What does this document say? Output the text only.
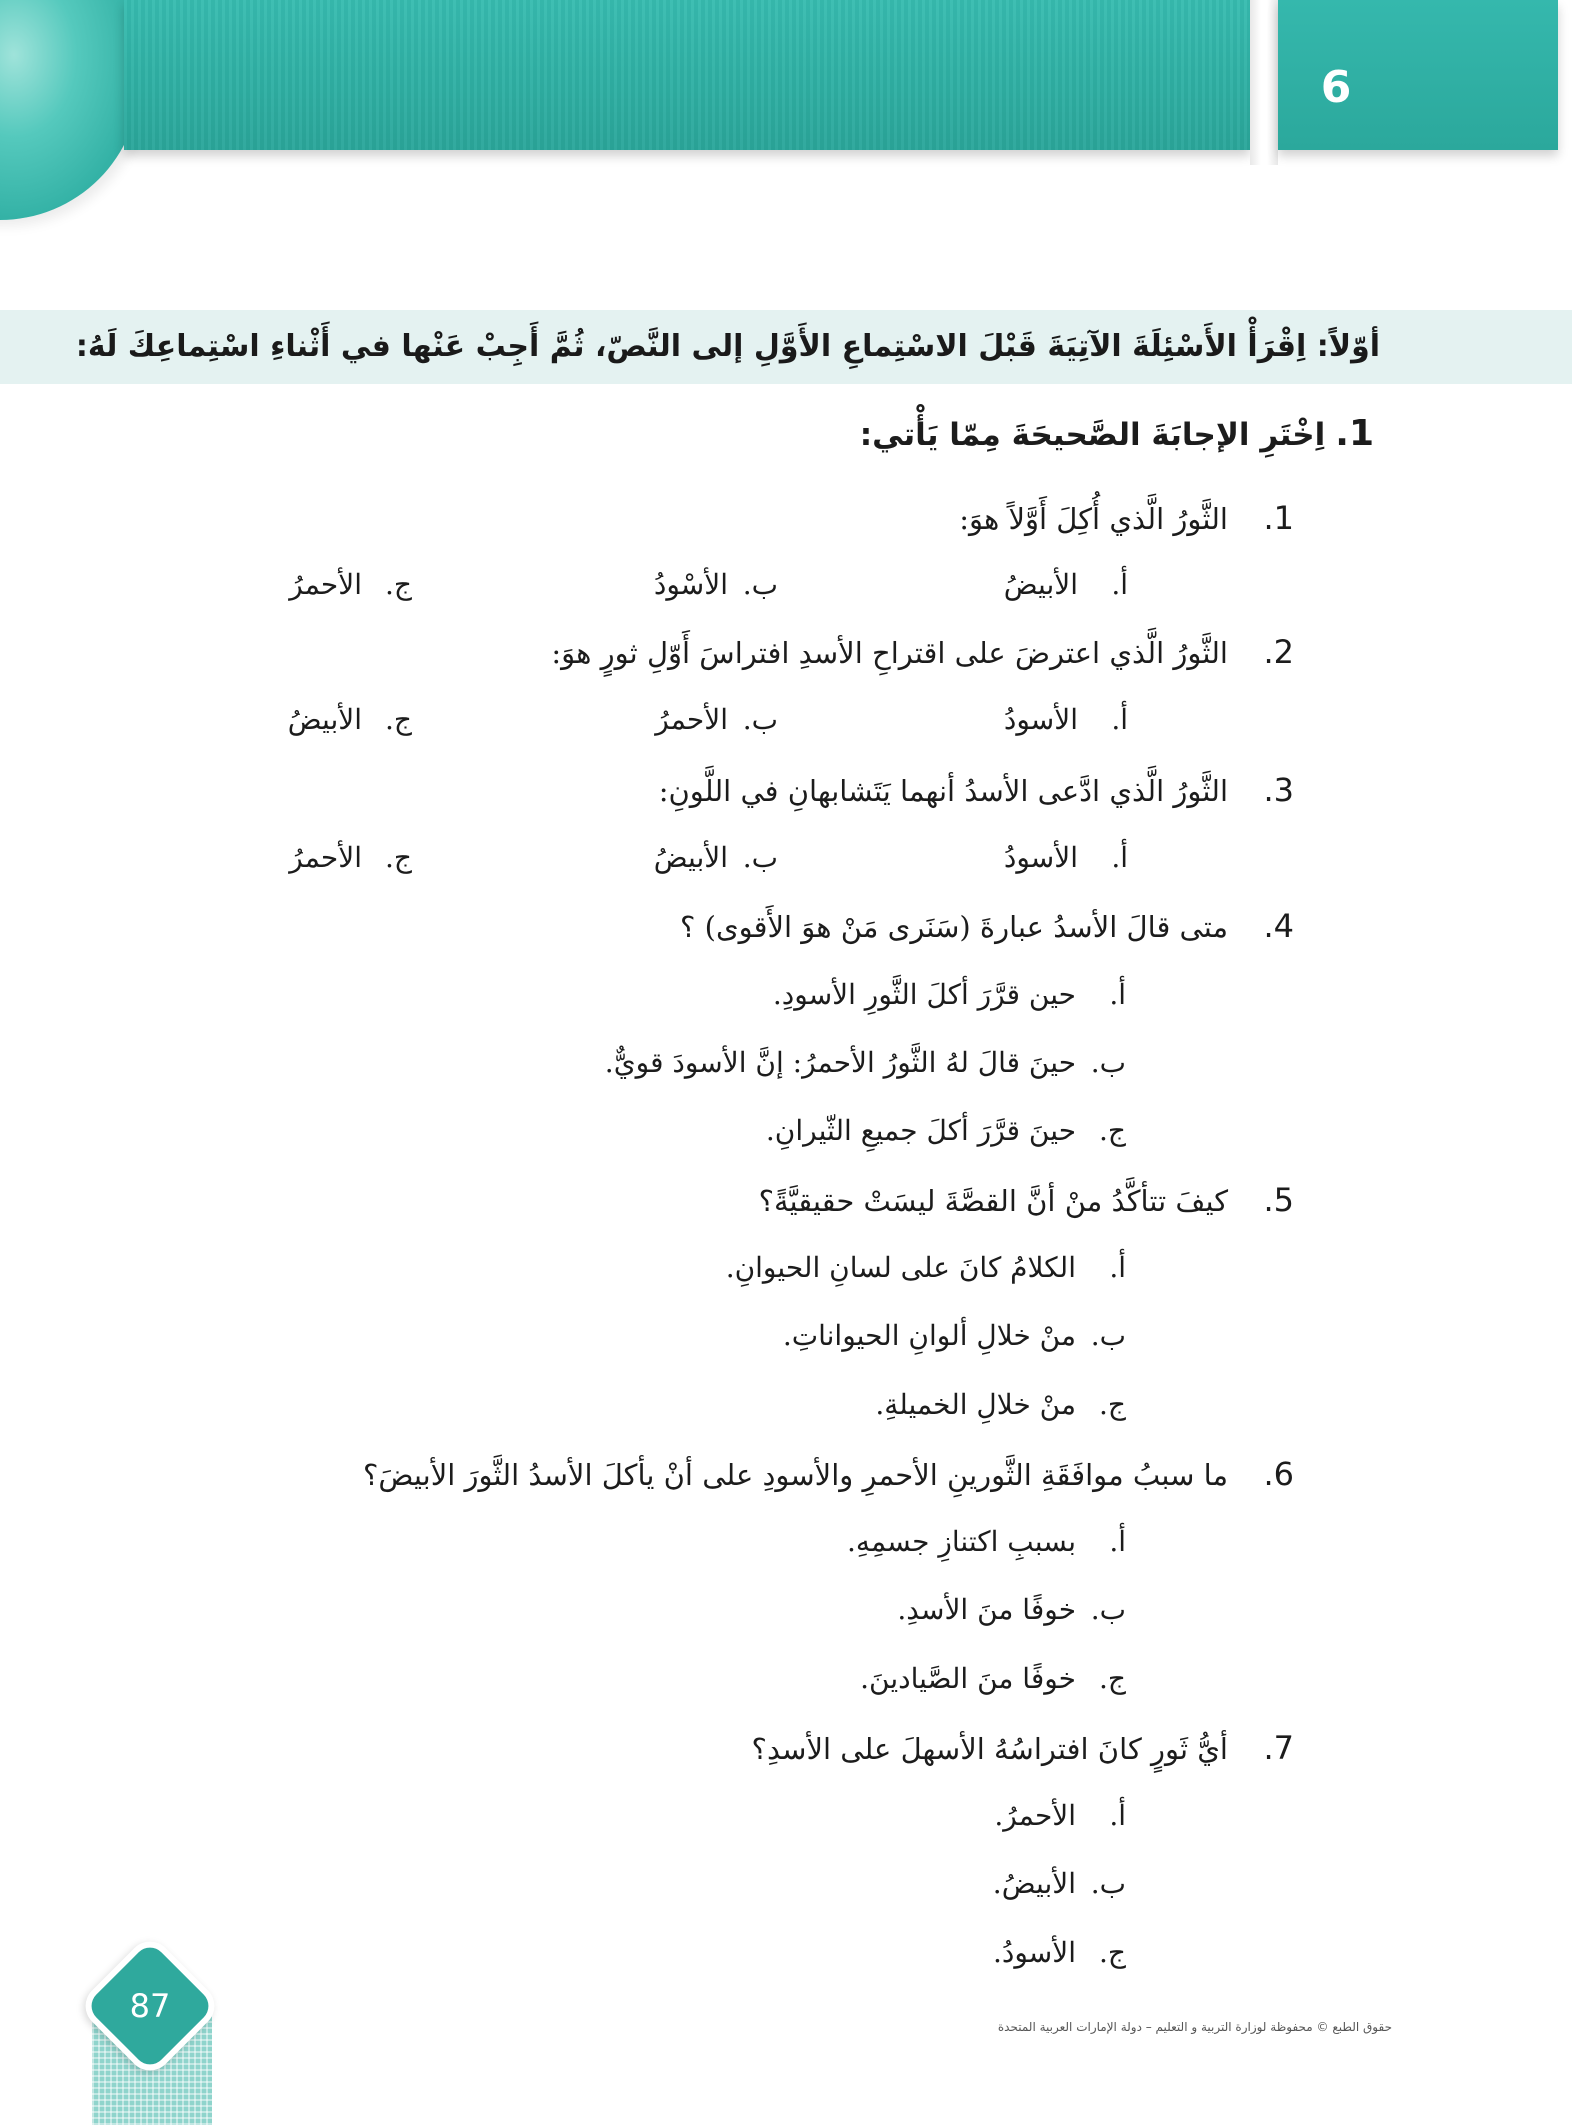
6
أوّلاً: اِقْرَأْ الأَسْئِلَةَ الآتِيَةَ قَبْلَ الاسْتِماعِ الأَوَّلِ إلى النَّصّ، ثُمَّ أَجِبْ عَنْها في أَثْناءِ اسْتِماعِكَ لَهُ:
1.اِخْتَرِ الإجابَةَ الصَّحيحَةَ مِمّا يَأْتي:
1.الثَّورُ الَّذي أُكِلَ أَوَّلاً هوَ:
أ.الأبيضُ
ب.الأسْودُ
ج.الأحمرُ
2.الثَّورُ الَّذي اعترضَ على اقتراحِ الأسدِ افتراسَ أَوّلِ ثورٍ هوَ:
أ.الأسودُ
ب.الأحمرُ
ج.الأبيضُ
3.الثَّورُ الَّذي ادَّعى الأسدُ أنهما يَتَشابهانِ في اللَّونِ:
أ.الأسودُ
ب.الأبيضُ
ج.الأحمرُ
4.متى قالَ الأسدُ عبارةَ (سَنَرى مَنْ هوَ الأَقوى) ؟
أ.حين قرَّرَ أكلَ الثَّورِ الأسودِ.
ب.حينَ قالَ لهُ الثَّورُ الأحمرُ: إنَّ الأسودَ قويٌّ.
ج.حينَ قرَّرَ أكلَ جميعِ الثّيرانِ.
5.كيفَ تتأكَّدُ منْ أنَّ القصَّةَ ليسَتْ حقيقيَّةً؟
أ.الكلامُ كانَ على لسانِ الحيوانِ.
ب.منْ خلالِ ألوانِ الحيواناتِ.
ج.منْ خلالِ الخميلةِ.
6.ما سببُ موافَقَةِ الثَّورينِ الأحمرِ والأسودِ على أنْ يأكلَ الأسدُ الثَّورَ الأبيضَ؟
أ.بسببِ اكتنازِ جسمِهِ.
ب.خوفًا منَ الأسدِ.
ج.خوفًا منَ الصَّيادينَ.
7.أيُّ ثَورٍ كانَ افتراسُهُ الأسهلَ على الأسدِ؟
أ.الأحمرُ.
ب.الأبيضُ.
ج.الأسودُ.
87
حقوق الطبع © محفوظة لوزارة التربية و التعليم – دولة الإمارات العربية المتحدة
